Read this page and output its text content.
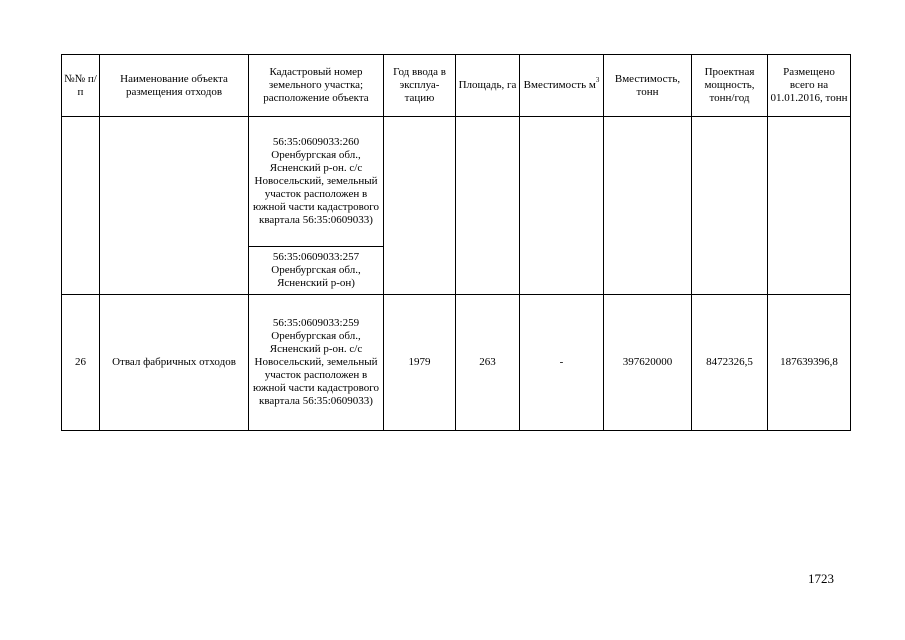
№№ п/п	Наименование объекта размещения отходов	Кадастровый номер земельного участка; расположение объекта	Год ввода в эксплуа-тацию	Площадь, га	Вместимость $м^3$	Вместимость, тонн	Проектная мощность, тонн/год	Размещено всего на 01.01.2016, тонн
		56:35:0609033:260 Оренбургская обл., Ясненский р-он. с/с Новосельский, земельный участок расположен в южной части кадастрового квартала 56:35:0609033)						
		56:35:0609033:257 Оренбургская обл., Ясненский р-он)						
26	Отвал фабричных отходов	56:35:0609033:259 Оренбургская обл., Ясненский р-он. с/с Новосельский, земельный участок расположен в южной части кадастрового квартала 56:35:0609033)	1979	263	-	397620000	8472326,5	187639396,8
1723
